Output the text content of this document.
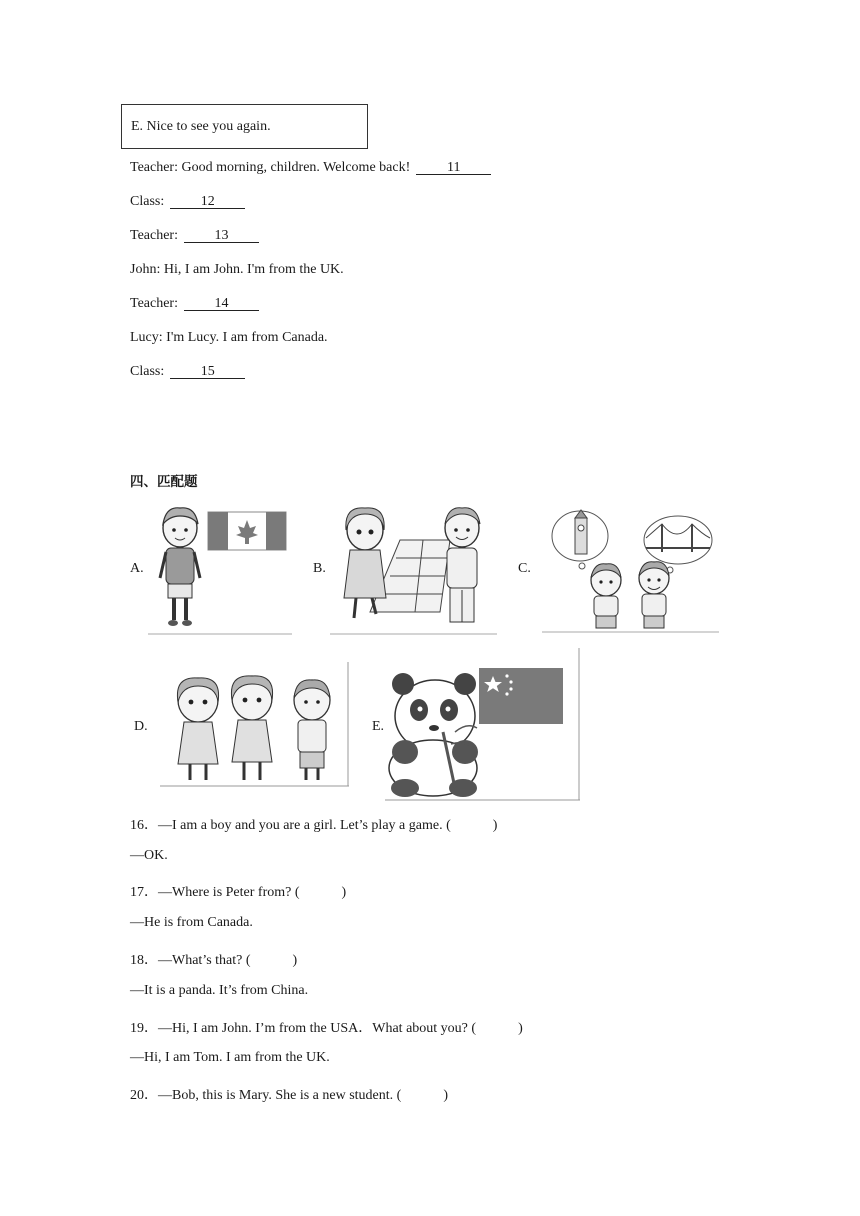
E. Nice to see you again.
Teacher: Good morning, children. Welcome back!	11
Class:	12
Teacher:	13
John: Hi, I am John. I'm from the UK.
Teacher:	14
Lucy: I'm Lucy. I am from Canada.
Class:	15
四、匹配题
A.	B.	C.
D.	E.
16．—I am a boy and you are a girl. Let’s play a game. (	)
—OK.
17．—Where is Peter from? (	)
—He is from Canada.
18．—What’s that? (	)
—It is a panda. It’s from China.
19．—Hi, I am John. I’m from the USA．What about you? (	)
—Hi, I am Tom. I am from the UK.
20．—Bob, this is Mary. She is a new student. (	)
